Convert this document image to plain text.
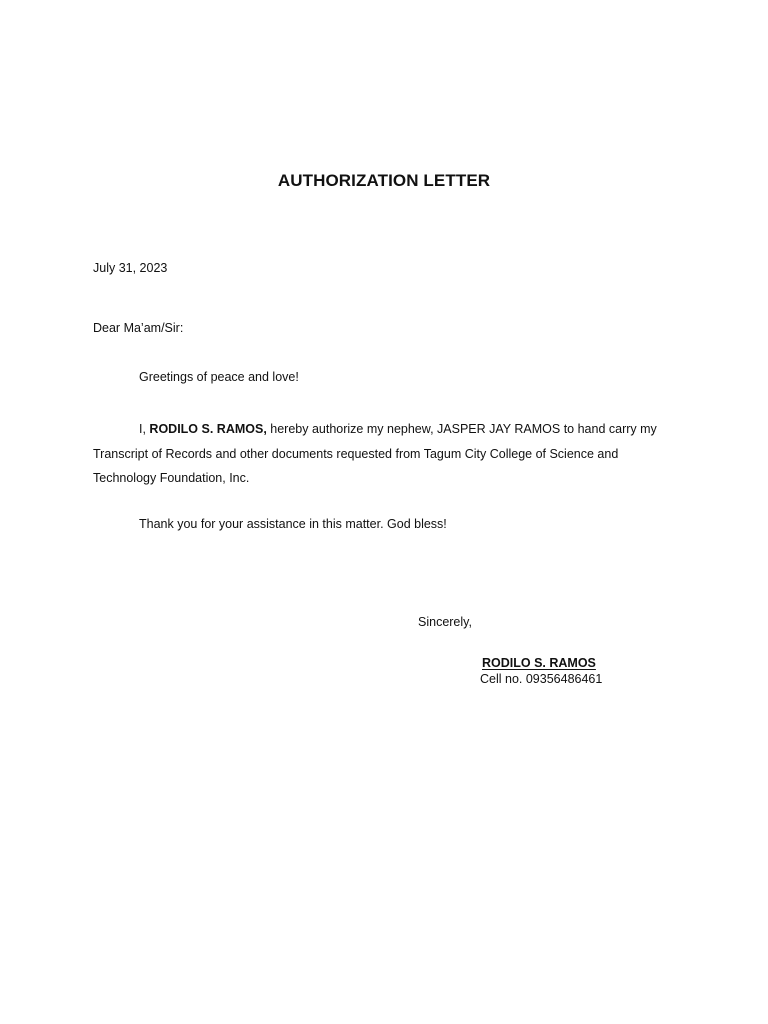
AUTHORIZATION LETTER
July 31, 2023
Dear Ma’am/Sir:
Greetings of peace and love!
I, RODILO S. RAMOS, hereby authorize my nephew, JASPER JAY RAMOS to hand carry my Transcript of Records and other documents requested from Tagum City College of Science and Technology Foundation, Inc.
Thank you for your assistance in this matter. God bless!
Sincerely,
RODILO S. RAMOS
Cell no. 09356486461
